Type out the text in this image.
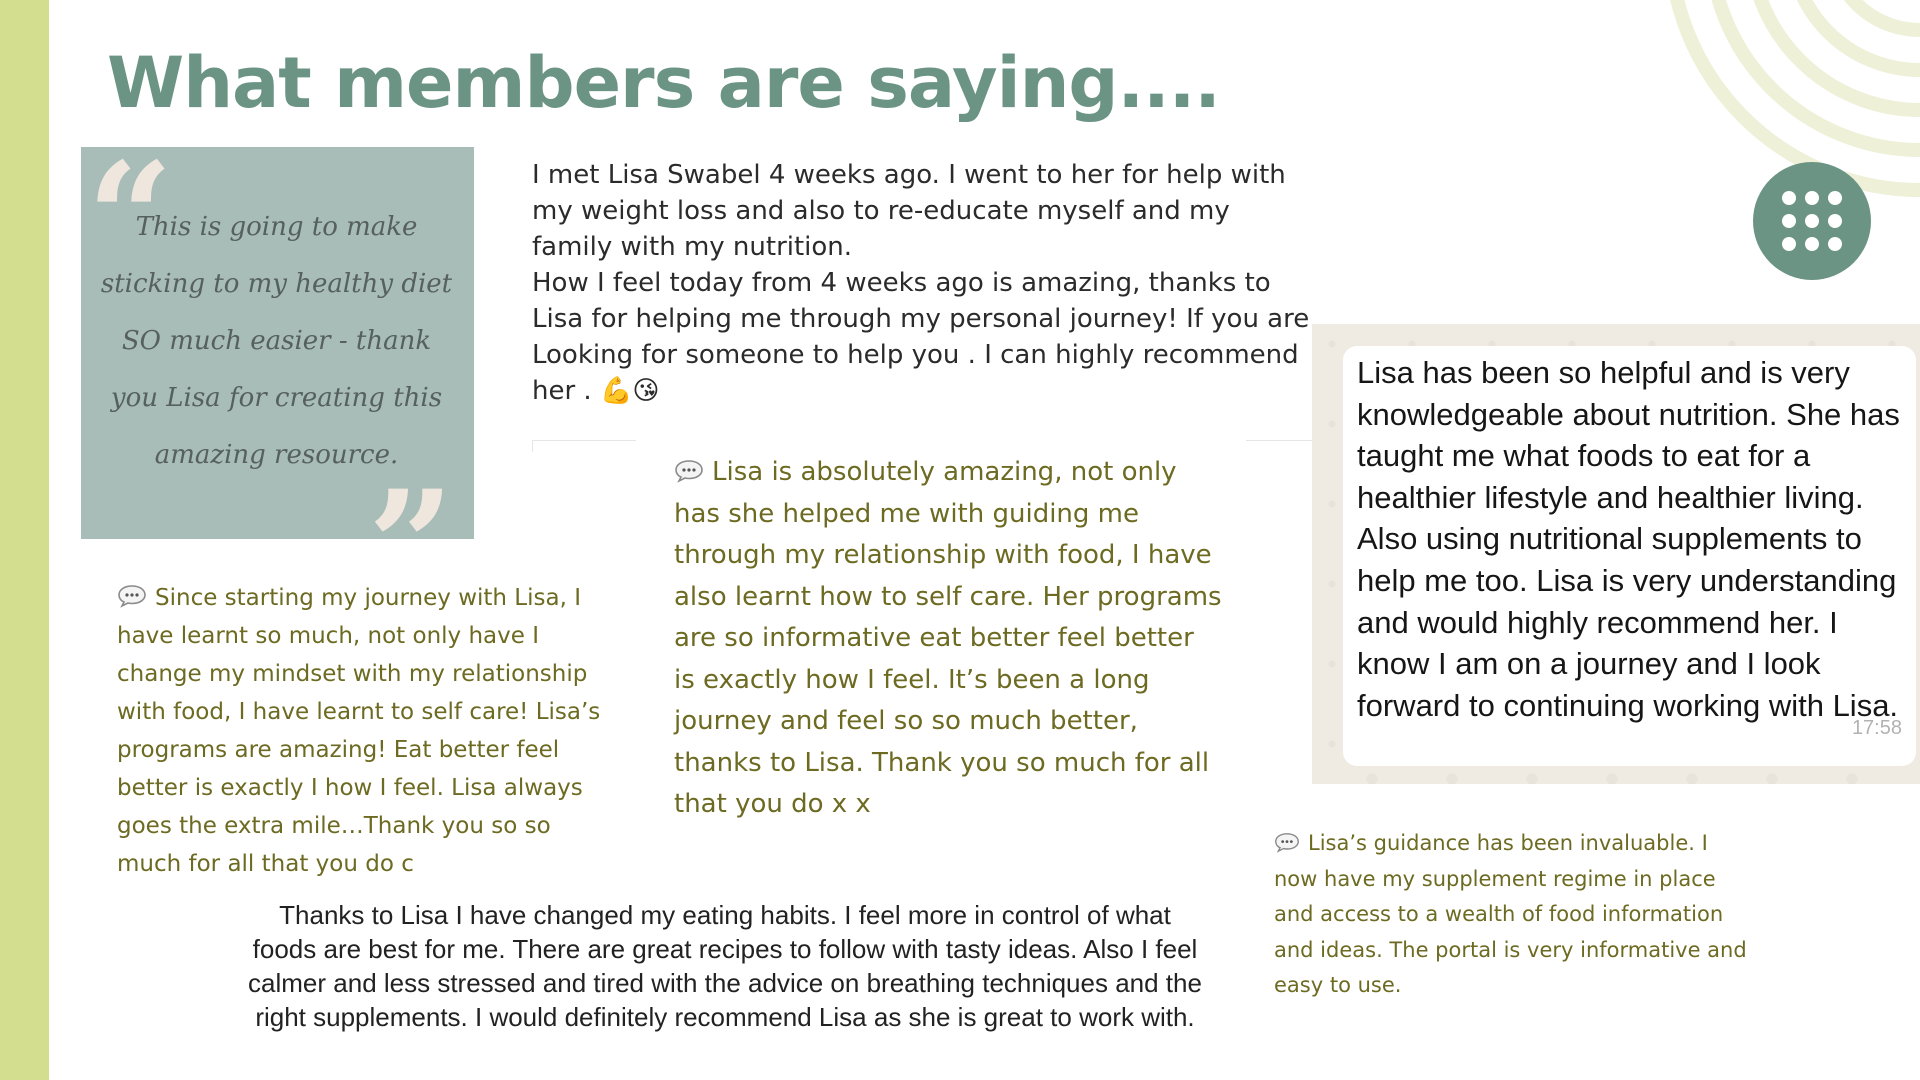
What members are saying....
“
This is going to make sticking to my healthy diet SO much easier - thank you Lisa for creating this amazing resource.
”
I met Lisa Swabel 4 weeks ago. I went to her for help with my weight loss and also to re-educate myself and my family with my nutrition.
How I feel today from 4 weeks ago is amazing, thanks to Lisa for helping me through my personal journey! If you are Looking for someone to help you . I can highly recommend her . 💪😘
Lisa is absolutely amazing, not only has she helped me with guiding me through my relationship with food, I have also learnt how to self care. Her programs are so informative eat better feel better is exactly how I feel. It’s been a long journey and feel so so much better, thanks to Lisa. Thank you so much for all that you do x x
Since starting my journey with Lisa, I have learnt so much, not only have I change my mindset with my relationship with food, I have learnt to self care! Lisa’s programs are amazing! Eat better feel better is exactly I how I feel. Lisa always goes the extra mile…Thank you so so much for all that you do c
Lisa has been so helpful and is very knowledgeable about nutrition. She has taught me what foods to eat for a healthier lifestyle and healthier living. Also using nutritional supplements to help me too. Lisa is very understanding and would highly recommend her. I know I am on a journey and I look forward to continuing working with Lisa.
17:58
Lisa’s guidance has been invaluable. I now have my supplement regime in place and access to a wealth of food information and ideas. The portal is very informative and easy to use.
Thanks to Lisa I have changed my eating habits. I feel more in control of what foods are best for me. There are great recipes to follow with tasty ideas. Also I feel calmer and less stressed and tired with the advice on breathing techniques and the right supplements. I would definitely recommend Lisa as she is great to work with.
